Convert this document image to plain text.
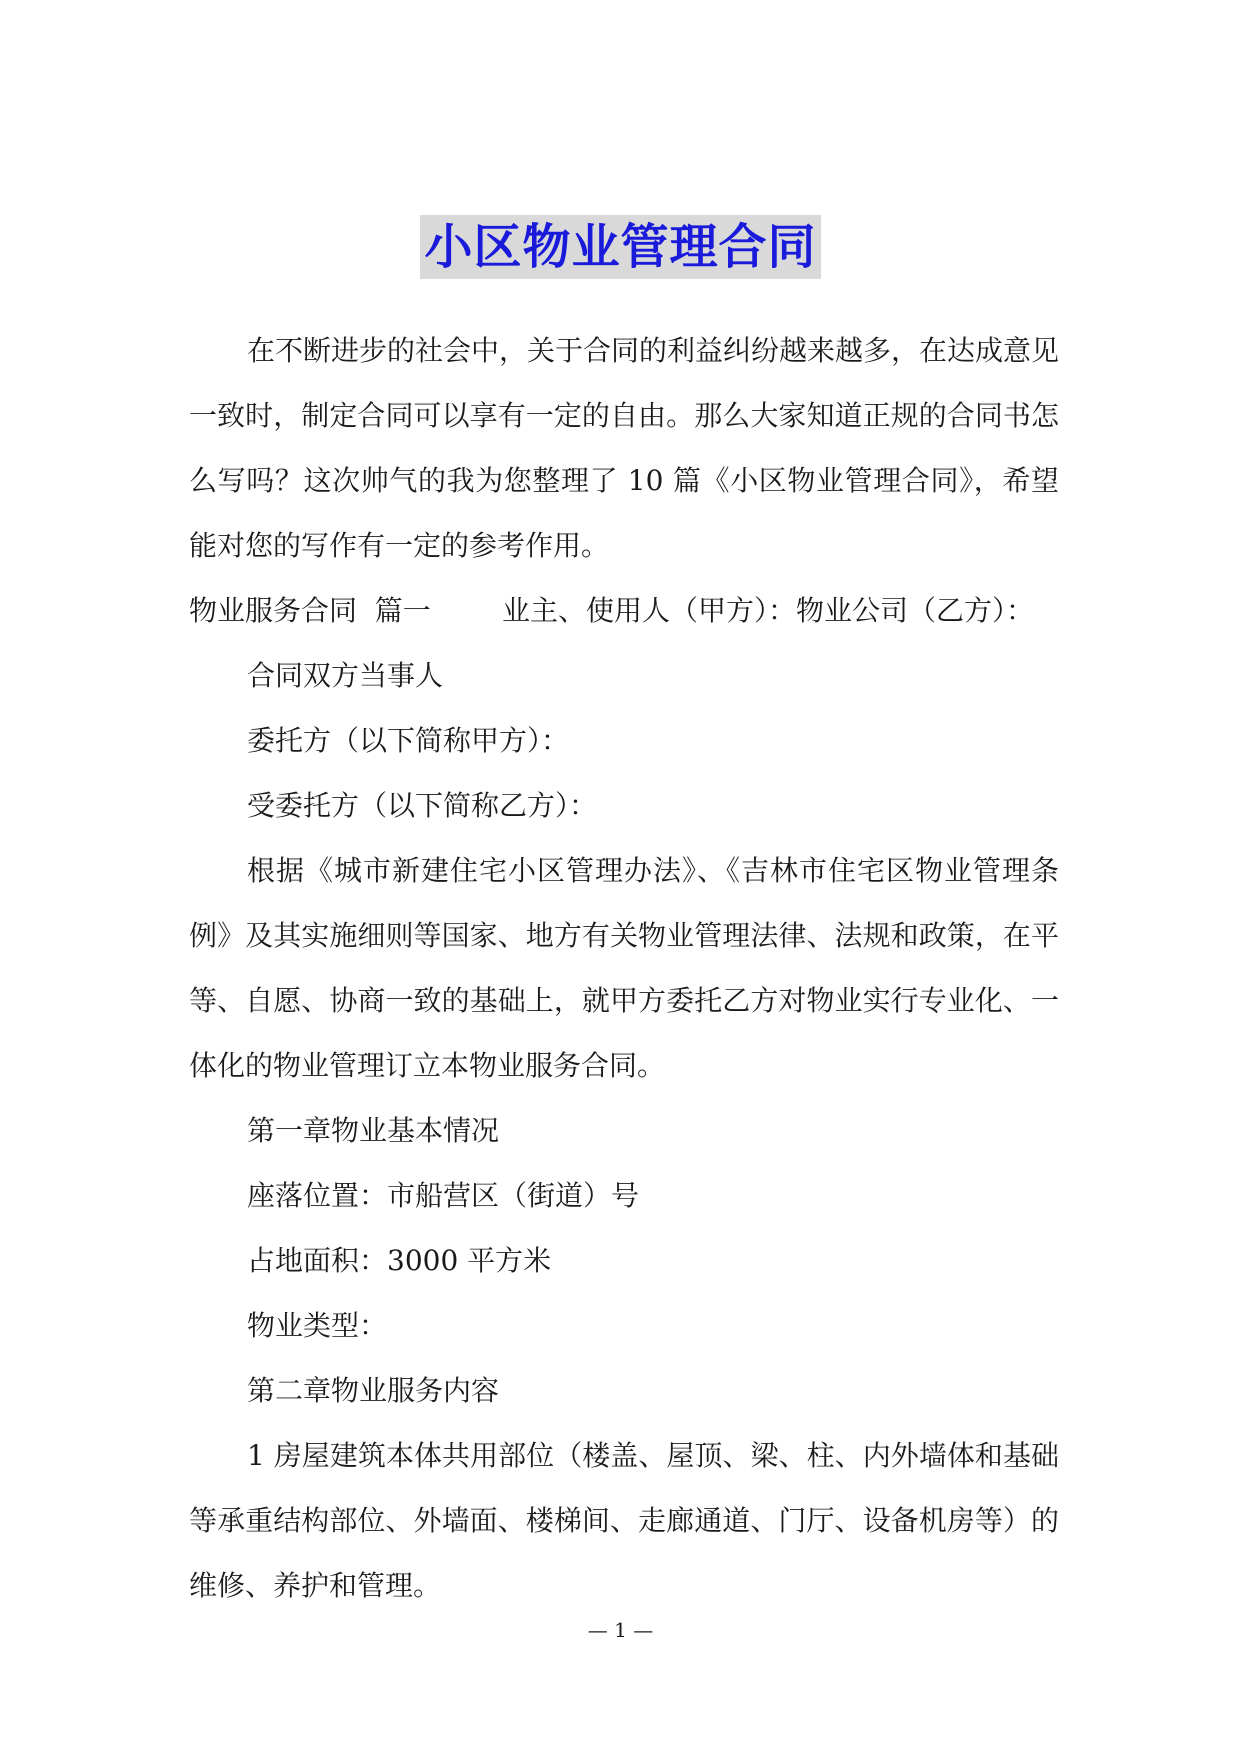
小区物业管理合同

在不断进步的社会中，关于合同的利益纠纷越来越多，在达成意见一致时，制定合同可以享有一定的自由。那么大家知道正规的合同书怎么写吗？这次帅气的我为您整理了 10 篇《小区物业管理合同》，希望能对您的写作有一定的参考作用。

物业服务合同  篇一        业主、使用人（甲方）：物业公司（乙方）：

合同双方当事人

委托方（以下简称甲方）：

受委托方（以下简称乙方）：

根据《城市新建住宅小区管理办法》、《吉林市住宅区物业管理条例》及其实施细则等国家、地方有关物业管理法律、法规和政策，在平等、自愿、协商一致的基础上，就甲方委托乙方对物业实行专业化、一体化的物业管理订立本物业服务合同。

第一章物业基本情况

座落位置：市船营区（街道）号

占地面积：3000 平方米

物业类型：

第二章物业服务内容

1 房屋建筑本体共用部位（楼盖、屋顶、梁、柱、内外墙体和基础等承重结构部位、外墙面、楼梯间、走廊通道、门厅、设备机房等）的维修、养护和管理。

— 1 —
